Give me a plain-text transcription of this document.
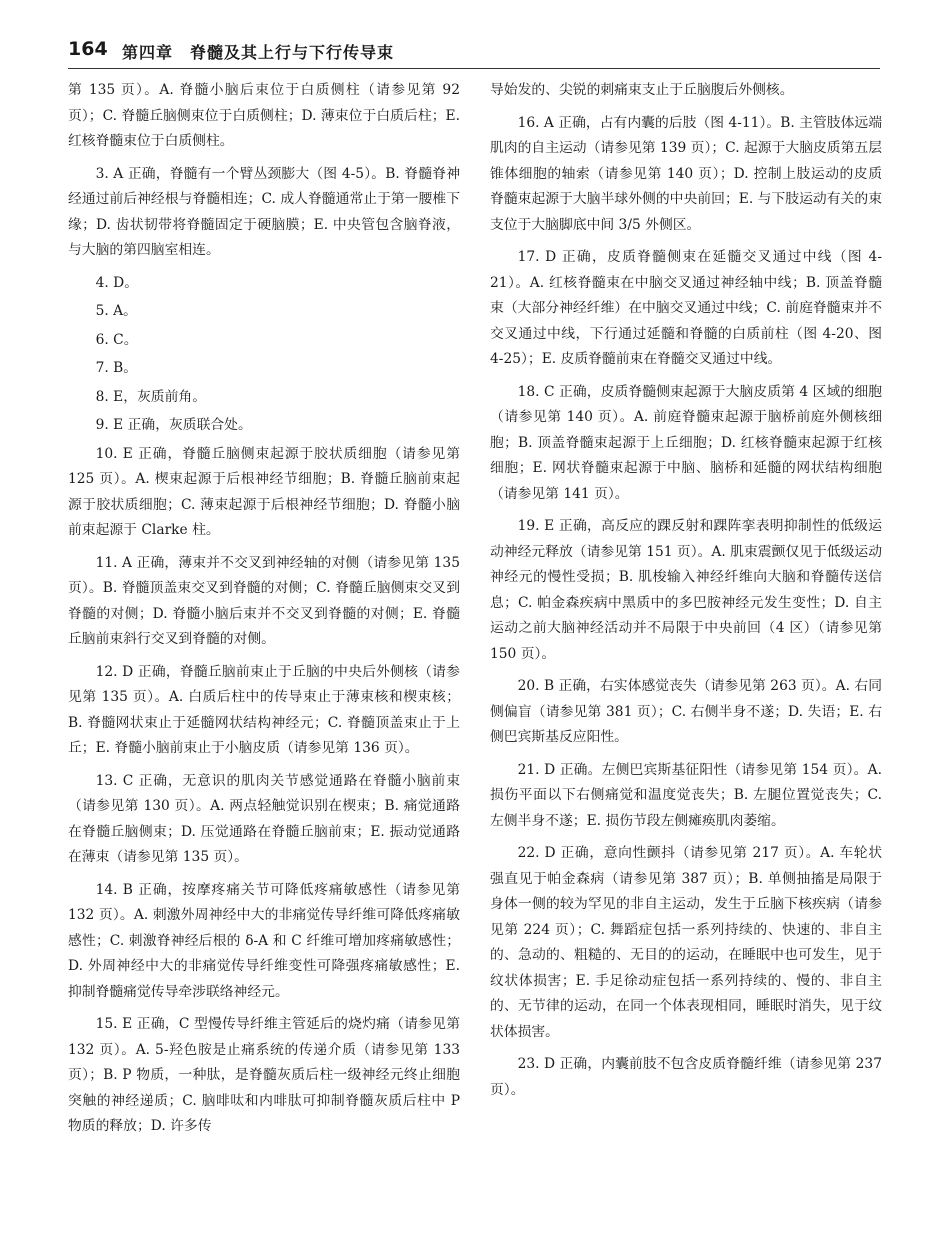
164 第四章　脊髓及其上行与下行传导束

第 135 页）。A. 脊髓小脑后束位于白质侧柱（请参见第 92 页）；C. 脊髓丘脑侧束位于白质侧柱；D. 薄束位于白质后柱；E. 红核脊髓束位于白质侧柱。

3. A 正确，脊髓有一个臂丛颈膨大（图 4-5）。B. 脊髓脊神经通过前后神经根与脊髓相连；C. 成人脊髓通常止于第一腰椎下缘；D. 齿状韧带将脊髓固定于硬脑膜；E. 中央管包含脑脊液，与大脑的第四脑室相连。

4. D。

5. A。

6. C。

7. B。

8. E，灰质前角。

9. E 正确，灰质联合处。

10. E 正确，脊髓丘脑侧束起源于胶状质细胞（请参见第 125 页）。A. 楔束起源于后根神经节细胞；B. 脊髓丘脑前束起源于胶状质细胞；C. 薄束起源于后根神经节细胞；D. 脊髓小脑前束起源于 Clarke 柱。

11. A 正确，薄束并不交叉到神经轴的对侧（请参见第 135 页）。B. 脊髓顶盖束交叉到脊髓的对侧；C. 脊髓丘脑侧束交叉到脊髓的对侧；D. 脊髓小脑后束并不交叉到脊髓的对侧；E. 脊髓丘脑前束斜行交叉到脊髓的对侧。

12. D 正确，脊髓丘脑前束止于丘脑的中央后外侧核（请参见第 135 页）。A. 白质后柱中的传导束止于薄束核和楔束核；B. 脊髓网状束止于延髓网状结构神经元；C. 脊髓顶盖束止于上丘；E. 脊髓小脑前束止于小脑皮质（请参见第 136 页）。

13. C 正确，无意识的肌肉关节感觉通路在脊髓小脑前束（请参见第 130 页）。A. 两点轻触觉识别在楔束；B. 痛觉通路在脊髓丘脑侧束；D. 压觉通路在脊髓丘脑前束；E. 振动觉通路在薄束（请参见第 135 页）。

14. B 正确，按摩疼痛关节可降低疼痛敏感性（请参见第 132 页）。A. 刺激外周神经中大的非痛觉传导纤维可降低疼痛敏感性；C. 刺激脊神经后根的 δ-A 和 C 纤维可增加疼痛敏感性；D. 外周神经中大的非痛觉传导纤维变性可降强疼痛敏感性；E. 抑制脊髓痛觉传导牵涉联络神经元。

15. E 正确，C 型慢传导纤维主管延后的烧灼痛（请参见第 132 页）。A. 5-羟色胺是止痛系统的传递介质（请参见第 133 页）；B. P 物质，一种肽，是脊髓灰质后柱一级神经元终止细胞突触的神经递质；C. 脑啡呔和内啡肽可抑制脊髓灰质后柱中 P 物质的释放；D. 许多传

导始发的、尖锐的刺痛束支止于丘脑腹后外侧核。

16. A 正确，占有内囊的后肢（图 4-11）。B. 主管肢体远端肌肉的自主运动（请参见第 139 页）；C. 起源于大脑皮质第五层锥体细胞的轴索（请参见第 140 页）；D. 控制上肢运动的皮质脊髓束起源于大脑半球外侧的中央前回；E. 与下肢运动有关的束支位于大脑脚底中间 3/5 外侧区。

17. D 正确，皮质脊髓侧束在延髓交叉通过中线（图 4-21）。A. 红核脊髓束在中脑交叉通过神经轴中线；B. 顶盖脊髓束（大部分神经纤维）在中脑交叉通过中线；C. 前庭脊髓束并不交叉通过中线，下行通过延髓和脊髓的白质前柱（图 4-20、图 4-25）；E. 皮质脊髓前束在脊髓交叉通过中线。

18. C 正确，皮质脊髓侧束起源于大脑皮质第 4 区域的细胞（请参见第 140 页）。A. 前庭脊髓束起源于脑桥前庭外侧核细胞；B. 顶盖脊髓束起源于上丘细胞；D. 红核脊髓束起源于红核细胞；E. 网状脊髓束起源于中脑、脑桥和延髓的网状结构细胞（请参见第 141 页）。

19. E 正确，高反应的踝反射和踝阵挛表明抑制性的低级运动神经元释放（请参见第 151 页）。A. 肌束震颤仅见于低级运动神经元的慢性受损；B. 肌梭输入神经纤维向大脑和脊髓传送信息；C. 帕金森疾病中黑质中的多巴胺神经元发生变性；D. 自主运动之前大脑神经活动并不局限于中央前回（4 区）（请参见第 150 页）。

20. B 正确，右实体感觉丧失（请参见第 263 页）。A. 右同侧偏盲（请参见第 381 页）；C. 右侧半身不遂；D. 失语；E. 右侧巴宾斯基反应阳性。

21. D 正确。左侧巴宾斯基征阳性（请参见第 154 页）。A. 损伤平面以下右侧痛觉和温度觉丧失；B. 左腿位置觉丧失；C. 左侧半身不遂；E. 损伤节段左侧瘫痪肌肉萎缩。

22. D 正确，意向性颤抖（请参见第 217 页）。A. 车轮状强直见于帕金森病（请参见第 387 页）；B. 单侧抽搐是局限于身体一侧的较为罕见的非自主运动，发生于丘脑下核疾病（请参见第 224 页）；C. 舞蹈症包括一系列持续的、快速的、非自主的、急动的、粗糙的、无目的的运动，在睡眠中也可发生，见于纹状体损害；E. 手足徐动症包括一系列持续的、慢的、非自主的、无节律的运动，在同一个体表现相同，睡眠时消失，见于纹状体损害。

23. D 正确，内囊前肢不包含皮质脊髓纤维（请参见第 237 页）。
